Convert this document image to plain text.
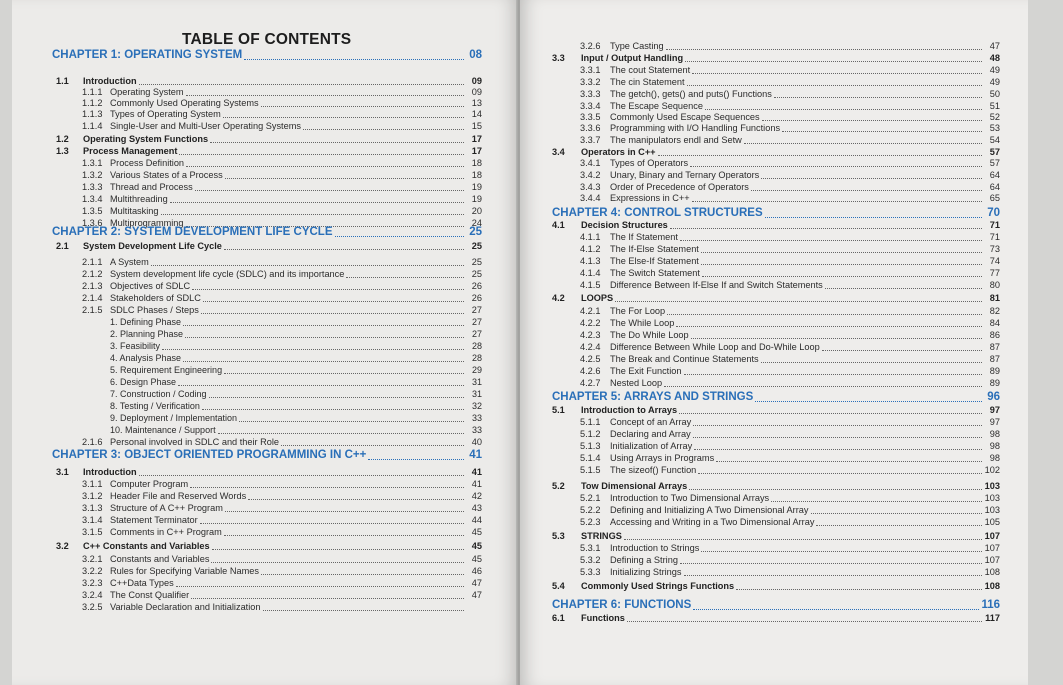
TABLE OF CONTENTS
CHAPTER 1: OPERATING SYSTEM	08
1.1	Introduction	09
1.1.1 Operating System	09
1.1.2 Commonly Used Operating Systems	13
1.1.3 Types of Operating System	14
1.1.4 Single-User and Multi-User Operating Systems	15
1.2	Operating System Functions	17
1.3	Process Management	17
1.3.1 Process Definition	18
1.3.2 Various States of a Process	18
1.3.3 Thread and Process	19
1.3.4 Multithreading	19
1.3.5 Multitasking	20
1.3.6 Multiprogramming	24
CHAPTER 2: SYSTEM DEVELOPMENT LIFE CYCLE	25
2.1	System Development Life Cycle	25
2.1.1 A System	25
2.1.2 System development life cycle (SDLC) and its importance	25
2.1.3 Objectives of SDLC	26
2.1.4 Stakeholders of SDLC	26
2.1.5 SDLC Phases / Steps	27
1. Defining Phase	27
2. Planning Phase	27
3. Feasibility	28
4. Analysis Phase	28
5. Requirement Engineering	29
6. Design Phase	31
7. Construction / Coding	31
8. Testing / Verification	32
9. Deployment / Implementation	33
10. Maintenance / Support	33
2.1.6 Personal involved in SDLC and their Role	40
CHAPTER 3: OBJECT ORIENTED PROGRAMMING IN C++	41
3.1	Introduction	41
3.1.1 Computer Program	41
3.1.2 Header File and Reserved Words	42
3.1.3 Structure of A C++ Program	43
3.1.4 Statement Terminator	44
3.1.5 Comments in C++ Program	45
3.2	C++ Constants and Variables	45
3.2.1 Constants and Variables	45
3.2.2 Rules for Specifying Variable Names	46
3.2.3 C++Data Types	47
3.2.4 The Const Qualifier	47
3.2.5 Variable Declaration and Initialization
3.2.6	Type Casting	47
3.3	Input / Output Handling	48
3.3.1	The cout Statement	49
3.3.2	The cin Statement	49
3.3.3	The getch(), gets() and puts() Functions	50
3.3.4	The Escape Sequence	51
3.3.5	Commonly Used Escape Sequences	52
3.3.6	Programming with I/O Handling Functions	53
3.3.7	The manipulators endl and Setw	54
3.4	Operators in C++	57
3.4.1	Types of Operators	57
3.4.2	Unary, Binary and Ternary Operators	64
3.4.3	Order of Precedence of Operators	64
3.4.4	Expressions in C++	65
CHAPTER 4: CONTROL STRUCTURES	70
4.1	Decision Structures	71
4.1.1	The If Statement	71
4.1.2	The If-Else Statement	73
4.1.3	The Else-If Statement	74
4.1.4	The Switch Statement	77
4.1.5	Difference Between If-Else If and Switch Statements	80
4.2	LOOPS	81
4.2.1	The For Loop	82
4.2.2	The While Loop	84
4.2.3	The Do While Loop	86
4.2.4	Difference Between While Loop and Do-While Loop	87
4.2.5	The Break and Continue Statements	87
4.2.6	The Exit Function	89
4.2.7	Nested Loop	89
CHAPTER 5: ARRAYS AND STRINGS	96
5.1	Introduction to Arrays	97
5.1.1	Concept of an Array	97
5.1.2	Declaring and Array	98
5.1.3	Initialization of Array	98
5.1.4	Using Arrays in Programs	98
5.1.5	The sizeof() Function	102
5.2	Tow Dimensional Arrays	103
5.2.1	Introduction to Two Dimensional Arrays	103
5.2.2	Defining and Initializing A Two Dimensional Array	103
5.2.3	Accessing and Writing in a Two Dimensional Array	105
5.3	STRINGS	107
5.3.1	Introduction to Strings	107
5.3.2	Defining a String	107
5.3.3	Initializing Strings	108
5.4	Commonly Used Strings Functions	108
CHAPTER 6: FUNCTIONS	116
6.1	Functions	117
